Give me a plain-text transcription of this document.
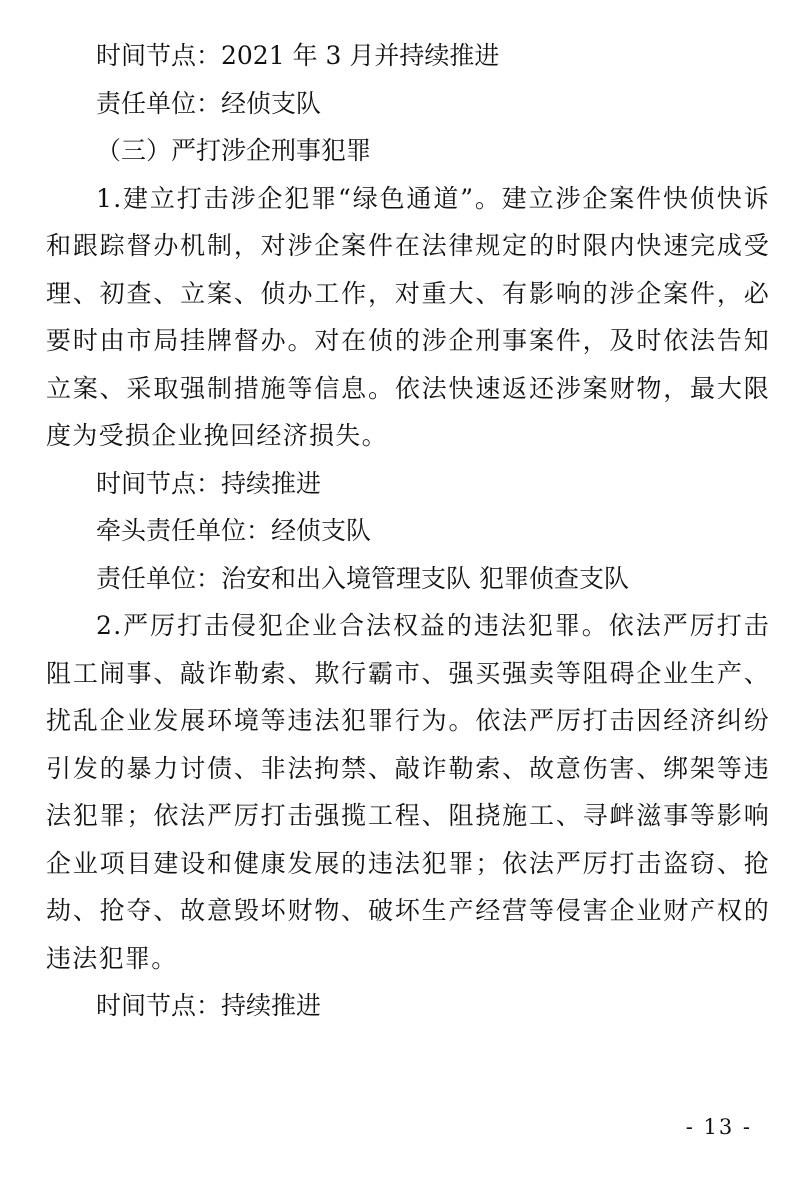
时间节点：2021 年 3 月并持续推进

责任单位：经侦支队

（三）严打涉企刑事犯罪

1.建立打击涉企犯罪“绿色通道”。建立涉企案件快侦快诉和跟踪督办机制，对涉企案件在法律规定的时限内快速完成受理、初查、立案、侦办工作，对重大、有影响的涉企案件，必要时由市局挂牌督办。对在侦的涉企刑事案件，及时依法告知立案、采取强制措施等信息。依法快速返还涉案财物，最大限度为受损企业挽回经济损失。

时间节点：持续推进

牵头责任单位：经侦支队

责任单位：治安和出入境管理支队 犯罪侦查支队

2.严厉打击侵犯企业合法权益的违法犯罪。依法严厉打击阻工闹事、敲诈勒索、欺行霸市、强买强卖等阻碍企业生产、扰乱企业发展环境等违法犯罪行为。依法严厉打击因经济纠纷引发的暴力讨债、非法拘禁、敲诈勒索、故意伤害、绑架等违法犯罪；依法严厉打击强揽工程、阻挠施工、寻衅滋事等影响企业项目建设和健康发展的违法犯罪；依法严厉打击盗窃、抢劫、抢夺、故意毁坏财物、破坏生产经营等侵害企业财产权的违法犯罪。

时间节点：持续推进

- 13 -
